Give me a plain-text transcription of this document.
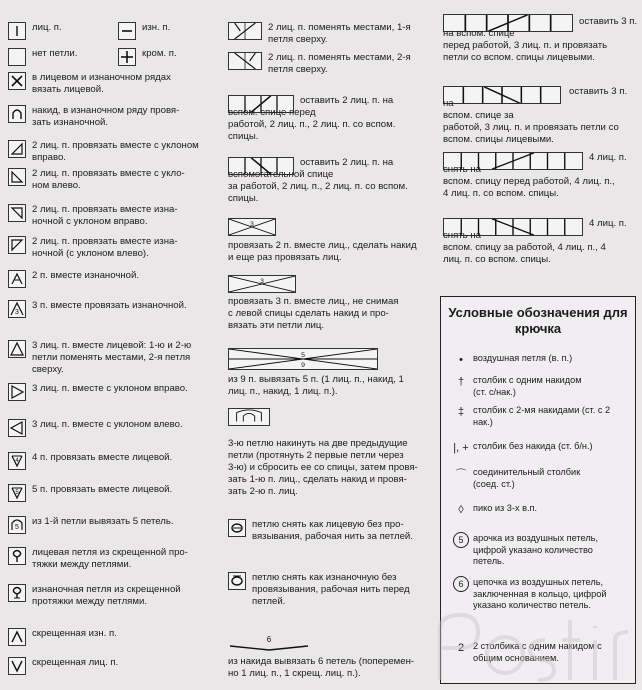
лиц. п.	изн. п.
нет петли.	кром. п.
в лицевом и изнаночном рядах
вязать лицевой.
накид, в изнаночном ряду провя-
зать изнаночной.
2 лиц. п. провязать вместе с уклоном
вправо.
2 лиц. п. провязать вместе с укло-
ном влево.
2 лиц. п. провязать вместе изна-
ночной с уклоном вправо.
2 лиц. п. провязать вместе изна-
ночной (с уклоном влево).
2 п. вместе изнаночной.
3
3 п. вместе провязать изнаночной.
3 лиц. п. вместе лицевой: 1-ю и 2-ю
петли поменять местами, 2-я петля
сверху.
3 лиц. п. вместе с уклоном вправо.
3 лиц. п. вместе с уклоном влево.
4 4 п. провязать вместе лицевой.
5 5 п. провязать вместе лицевой.
5
из 1-й петли вывязать 5 петель.
лицевая петля из скрещенной про-
тяжки между петлями.
изнаночная петля из скрещенной
протяжки между петлями.
скрещенная изн. п.
скрещенная лиц. п.
2 лиц. п. поменять местами, 1-я
петля сверху.
2 лиц. п. поменять местами, 2-я
петля сверху.
оставить 2 лиц. п. на
вспом. спице перед
работой, 2 лиц. п., 2 лиц. п. со вспом.
спицы.
оставить 2 лиц. п. на
вспомогательной спице
за работой, 2 лиц. п., 2 лиц. п. со вспом.
спицы.
3
провязать 2 п. вместе лиц., сделать накид
и еще раз провязать лиц.
3
провязать 3 п. вместе лиц., не снимая
с левой спицы сделать накид и про-
вязать эти петли лиц.
5
9
из 9 п. вывязать 5 п. (1 лиц. п., накид, 1
лиц. п., накид, 1 лиц. п.).
3-ю петлю накинуть на две предыдущие
петли (протянуть 2 первые петли через
3-ю) и сбросить ее со спицы, затем провя-
зать 1-ю п. лиц., сделать накид и провя-
зать 2-ю п. лиц.
петлю снять как лицевую без про-
вязывания, рабочая нить за петлей.
петлю снять как изнаночную без
провязывания, рабочая нить перед
петлей.
6
из накида вывязать 6 петель (поперемен-
но 1 лиц. п., 1 скрещ. лиц. п.).
оставить 3 п.
на вспом. спице
перед работой, 3 лиц. п. и провязать
петли со вспом. спицы лицевыми.
оставить 3 п. на
вспом. спице за
работой, 3 лиц. п. и провязать петли со
вспом. спицы лицевыми.
4 лиц. п.
снять на
вспом. спицу перед работой, 4 лиц. п.,
4 лиц. п. со вспом. спицы.
4 лиц. п.
снять на
вспом. спицу за работой, 4 лиц. п., 4
лиц. п. со вспом. спицы.
Условные обозначения для крючка
• воздушная петля (в. п.)
† столбик с одним накидом
(ст. с/нак.)
‡ столбик с 2-мя накидами (ст. с 2
нак.)
|, + столбик без накида (ст. б/н.)
⌒ соединительный столбик
(соед. ст.)
◊ пико из 3-х в.п.
5	арочка из воздушных петель,
цифрой указано количество
петель.
6	цепочка из воздушных петель,
заключенная в кольцо, цифрой
указано количество петель.
2 2 столбика с одним накидом с
общим основанием.
